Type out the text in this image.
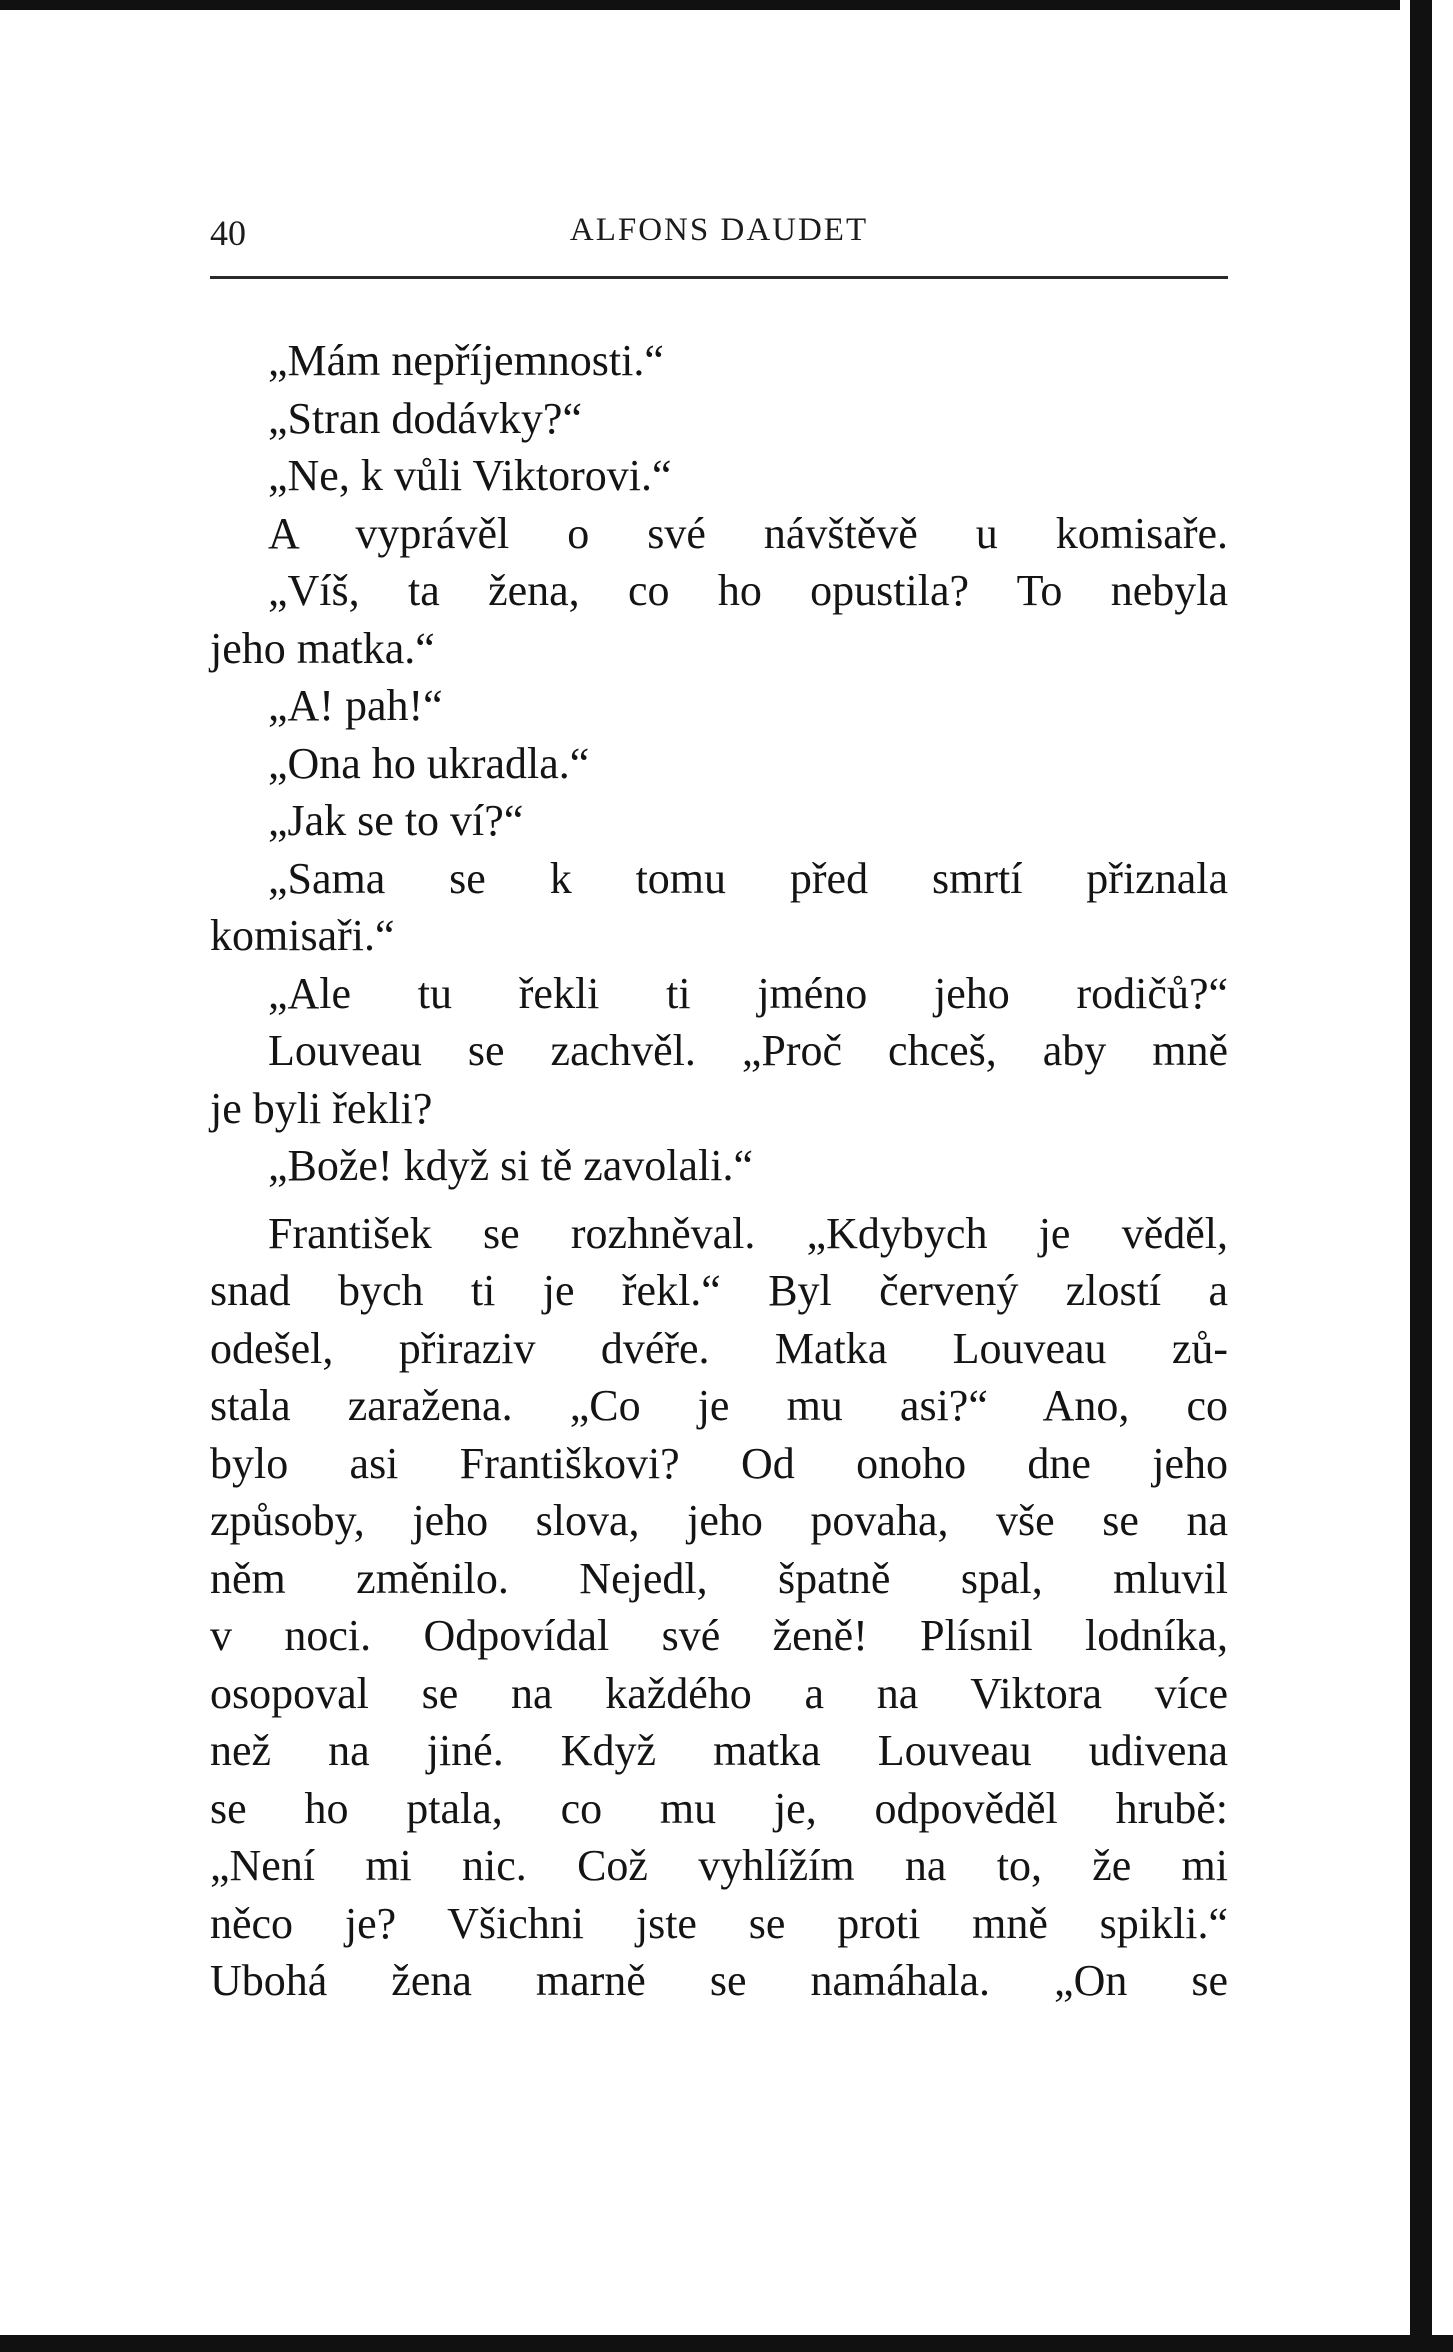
40	ALFONS DAUDET
„Mám nepříjemnosti.“
„Stran dodávky?“
„Ne, k vůli Viktorovi.“
A vyprávěl o své návštěvě u komisaře.
„Víš, ta žena, co ho opustila? To nebyla
jeho matka.“
„A! pah!“
„Ona ho ukradla.“
„Jak se to ví?“
„Sama se k tomu před smrtí přiznala
komisaři.“
„Ale tu řekli ti jméno jeho rodičů?“
Louveau se zachvěl. „Proč chceš, aby mně
je byli řekli?
„Bože! když si tě zavolali.“
František se rozhněval. „Kdybych je věděl,
snad bych ti je řekl.“ Byl červený zlostí a
odešel, přiraziv dvéře. Matka Louveau zů-
stala zaražena. „Co je mu asi?“ Ano, co
bylo asi Františkovi? Od onoho dne jeho
způsoby, jeho slova, jeho povaha, vše se na
něm změnilo. Nejedl, špatně spal, mluvil
v noci. Odpovídal své ženě! Plísnil lodníka,
osopoval se na každého a na Viktora více
než na jiné. Když matka Louveau udivena
se ho ptala, co mu je, odpověděl hrubě:
„Není mi nic. Což vyhlížím na to, že mi
něco je? Všichni jste se proti mně spikli.“
Ubohá žena marně se namáhala. „On se
